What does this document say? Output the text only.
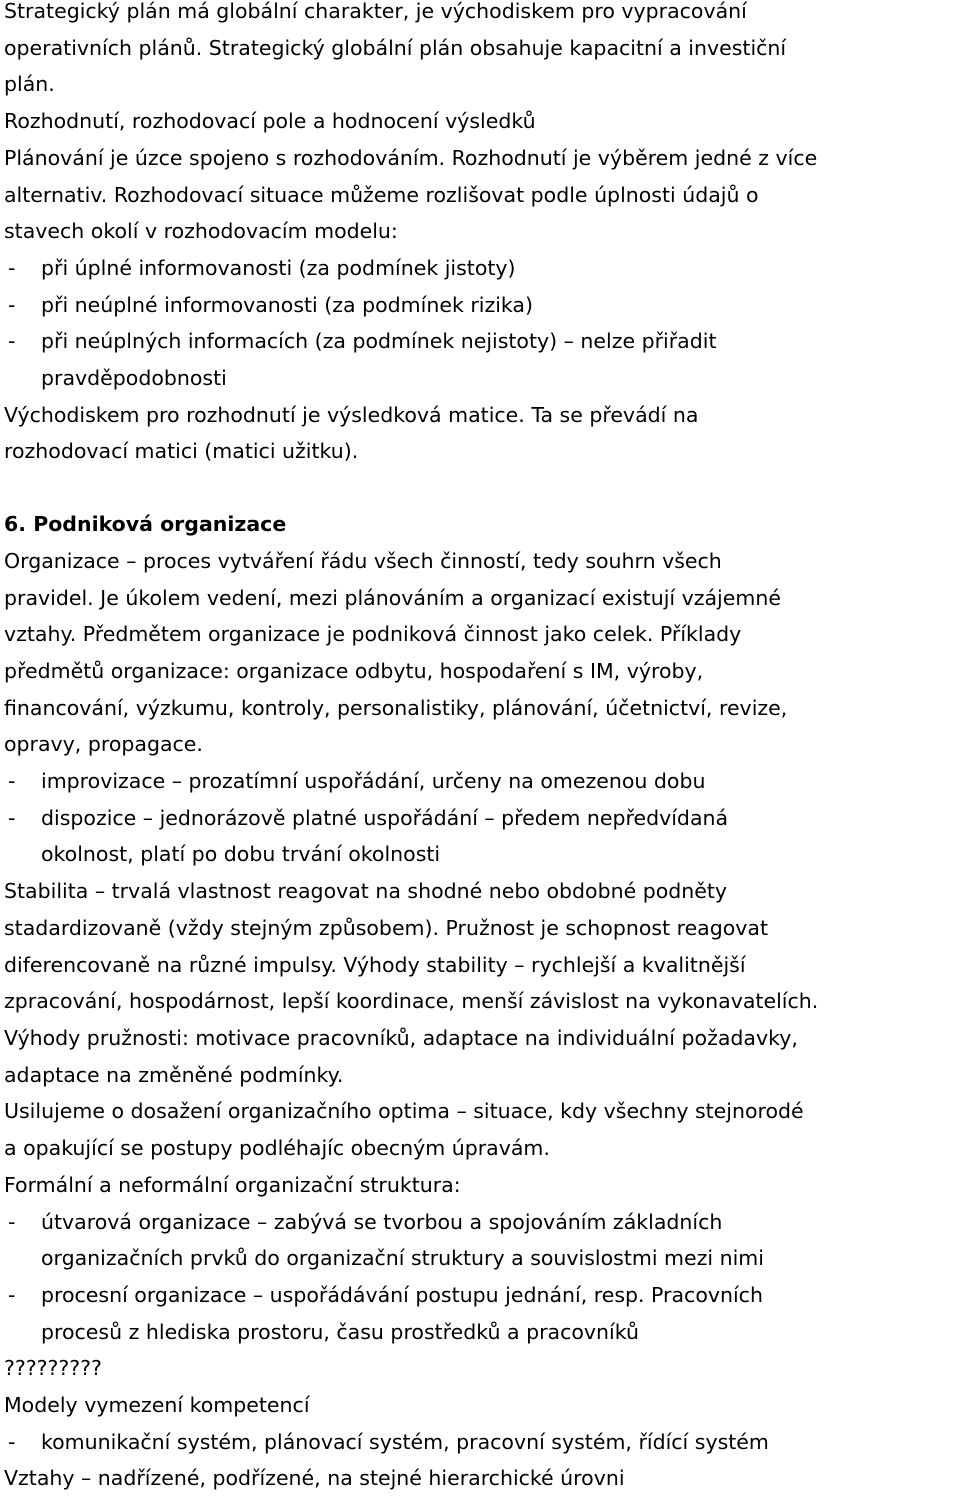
Strategický plán má globální charakter, je východiskem pro vypracování
operativních plánů. Strategický globální plán obsahuje kapacitní a investiční
plán.
Rozhodnutí, rozhodovací pole a hodnocení výsledků
Plánování je úzce spojeno s rozhodováním. Rozhodnutí je výběrem jedné z více
alternativ. Rozhodovací situace můžeme rozlišovat podle úplnosti údajů o
stavech okolí v rozhodovacím modelu:
- při úplné informovanosti (za podmínek jistoty)
- při neúplné informovanosti (za podmínek rizika)
- při neúplných informacích (za podmínek nejistoty) – nelze přiřadit
pravděpodobnosti
Východiskem pro rozhodnutí je výsledková matice. Ta se převádí na
rozhodovací matici (matici užitku).
6. Podniková organizace
Organizace – proces vytváření řádu všech činností, tedy souhrn všech
pravidel. Je úkolem vedení, mezi plánováním a organizací existují vzájemné
vztahy. Předmětem organizace je podniková činnost jako celek. Příklady
předmětů organizace: organizace odbytu, hospodaření s IM, výroby,
financování, výzkumu, kontroly, personalistiky, plánování, účetnictví, revize,
opravy, propagace.
- improvizace – prozatímní uspořádání, určeny na omezenou dobu
- dispozice – jednorázově platné uspořádání – předem nepředvídaná
okolnost, platí po dobu trvání okolnosti
Stabilita – trvalá vlastnost reagovat na shodné nebo obdobné podněty
stadardizovaně (vždy stejným způsobem). Pružnost je schopnost reagovat
diferencovaně na různé impulsy. Výhody stability – rychlejší a kvalitnější
zpracování, hospodárnost, lepší koordinace, menší závislost na vykonavatelích.
Výhody pružnosti: motivace pracovníků, adaptace na individuální požadavky,
adaptace na změněné podmínky.
Usilujeme o dosažení organizačního optima – situace, kdy všechny stejnorodé
a opakující se postupy podléhajíc obecným úpravám.
Formální a neformální organizační struktura:
- útvarová organizace – zabývá se tvorbou a spojováním základních
organizačních prvků do organizační struktury a souvislostmi mezi nimi
- procesní organizace – uspořádávání postupu jednání, resp. Pracovních
procesů z hlediska prostoru, času prostředků a pracovníků
?????????
Modely vymezení kompetencí
- komunikační systém, plánovací systém, pracovní systém, řídící systém
Vztahy – nadřízené, podřízené, na stejné hierarchické úrovni
